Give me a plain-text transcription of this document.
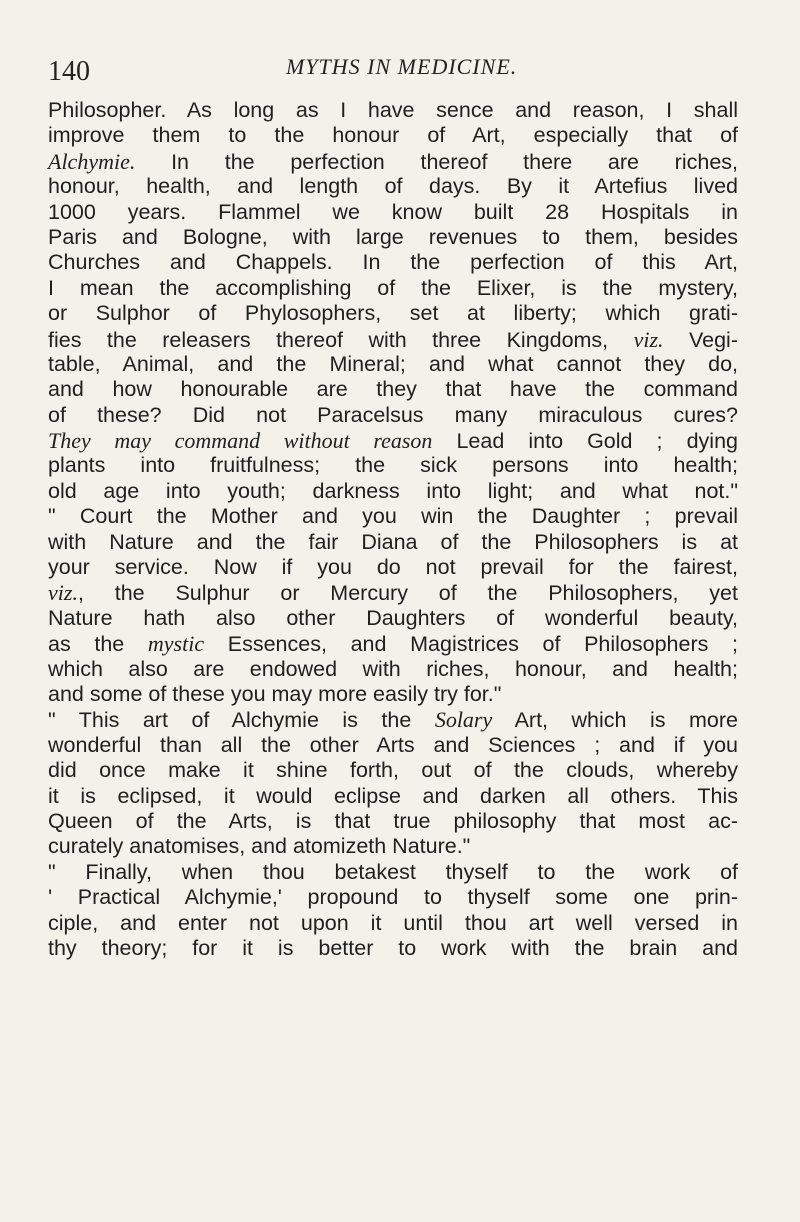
140	MYTHS IN MEDICINE.
Philosopher. As long as I have sence and reason, I shall
improve them to the honour of Art, especially that of
Alchymie. In the perfection thereof there are riches,
honour, health, and length of days. By it Artefius lived
1000 years. Flammel we know built 28 Hospitals in
Paris and Bologne, with large revenues to them, besides
Churches and Chappels. In the perfection of this Art,
I mean the accomplishing of the Elixer, is the mystery,
or Sulphor of Phylosophers, set at liberty; which grati-
fies the releasers thereof with three Kingdoms, viz. Vegi-
table, Animal, and the Mineral; and what cannot they do,
and how honourable are they that have the command
of these? Did not Paracelsus many miraculous cures?
They may command without reason Lead into Gold ; dying
plants into fruitfulness; the sick persons into health;
old age into youth; darkness into light; and what not."
" Court the Mother and you win the Daughter ; prevail
with Nature and the fair Diana of the Philosophers is at
your service. Now if you do not prevail for the fairest,
viz., the Sulphur or Mercury of the Philosophers, yet
Nature hath also other Daughters of wonderful beauty,
as the mystic Essences, and Magistrices of Philosophers ;
which also are endowed with riches, honour, and health;
and some of these you may more easily try for."
" This art of Alchymie is the Solary Art, which is more
wonderful than all the other Arts and Sciences ; and if you
did once make it shine forth, out of the clouds, whereby
it is eclipsed, it would eclipse and darken all others. This
Queen of the Arts, is that true philosophy that most ac-
curately anatomises, and atomizeth Nature."
" Finally, when thou betakest thyself to the work of
' Practical Alchymie,' propound to thyself some one prin-
ciple, and enter not upon it until thou art well versed in
thy theory; for it is better to work with the brain and
